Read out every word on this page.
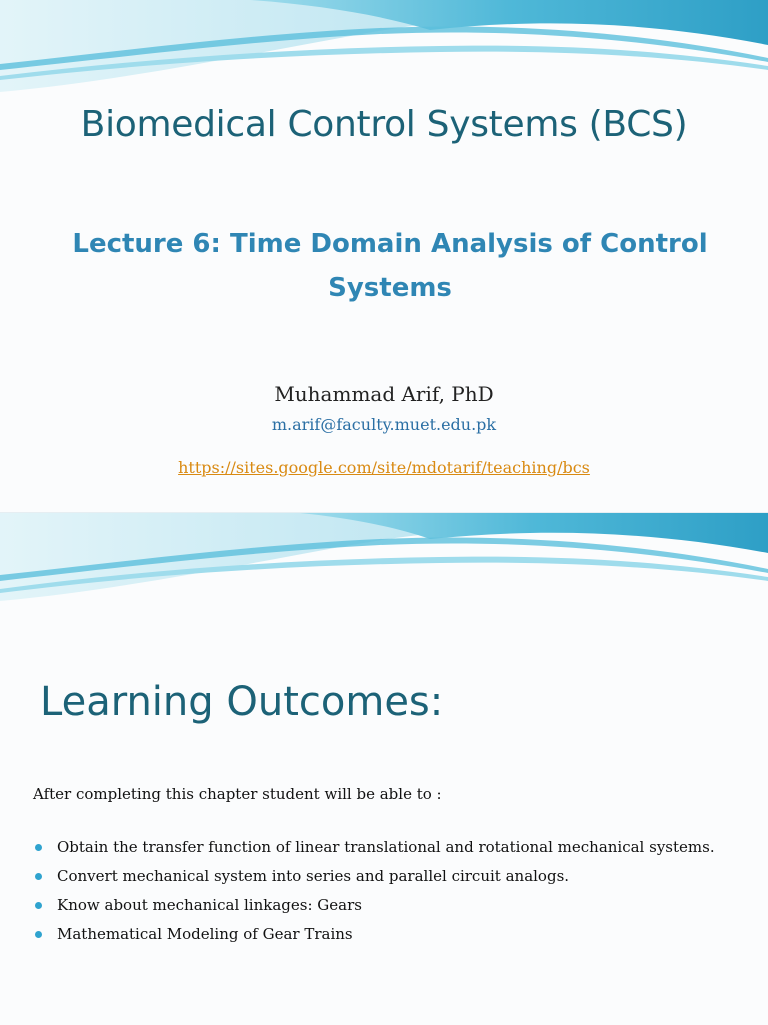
Biomedical Control Systems (BCS)
Lecture 6: Time Domain Analysis of Control
Systems
Muhammad Arif, PhD
m.arif@faculty.muet.edu.pk
https://sites.google.com/site/mdotarif/teaching/bcs
Learning Outcomes:
After completing this chapter student will be able to :
Obtain the transfer function of linear translational and rotational mechanical systems.
Convert mechanical system into series and parallel circuit analogs.
Know about mechanical linkages: Gears
Mathematical Modeling of Gear Trains
